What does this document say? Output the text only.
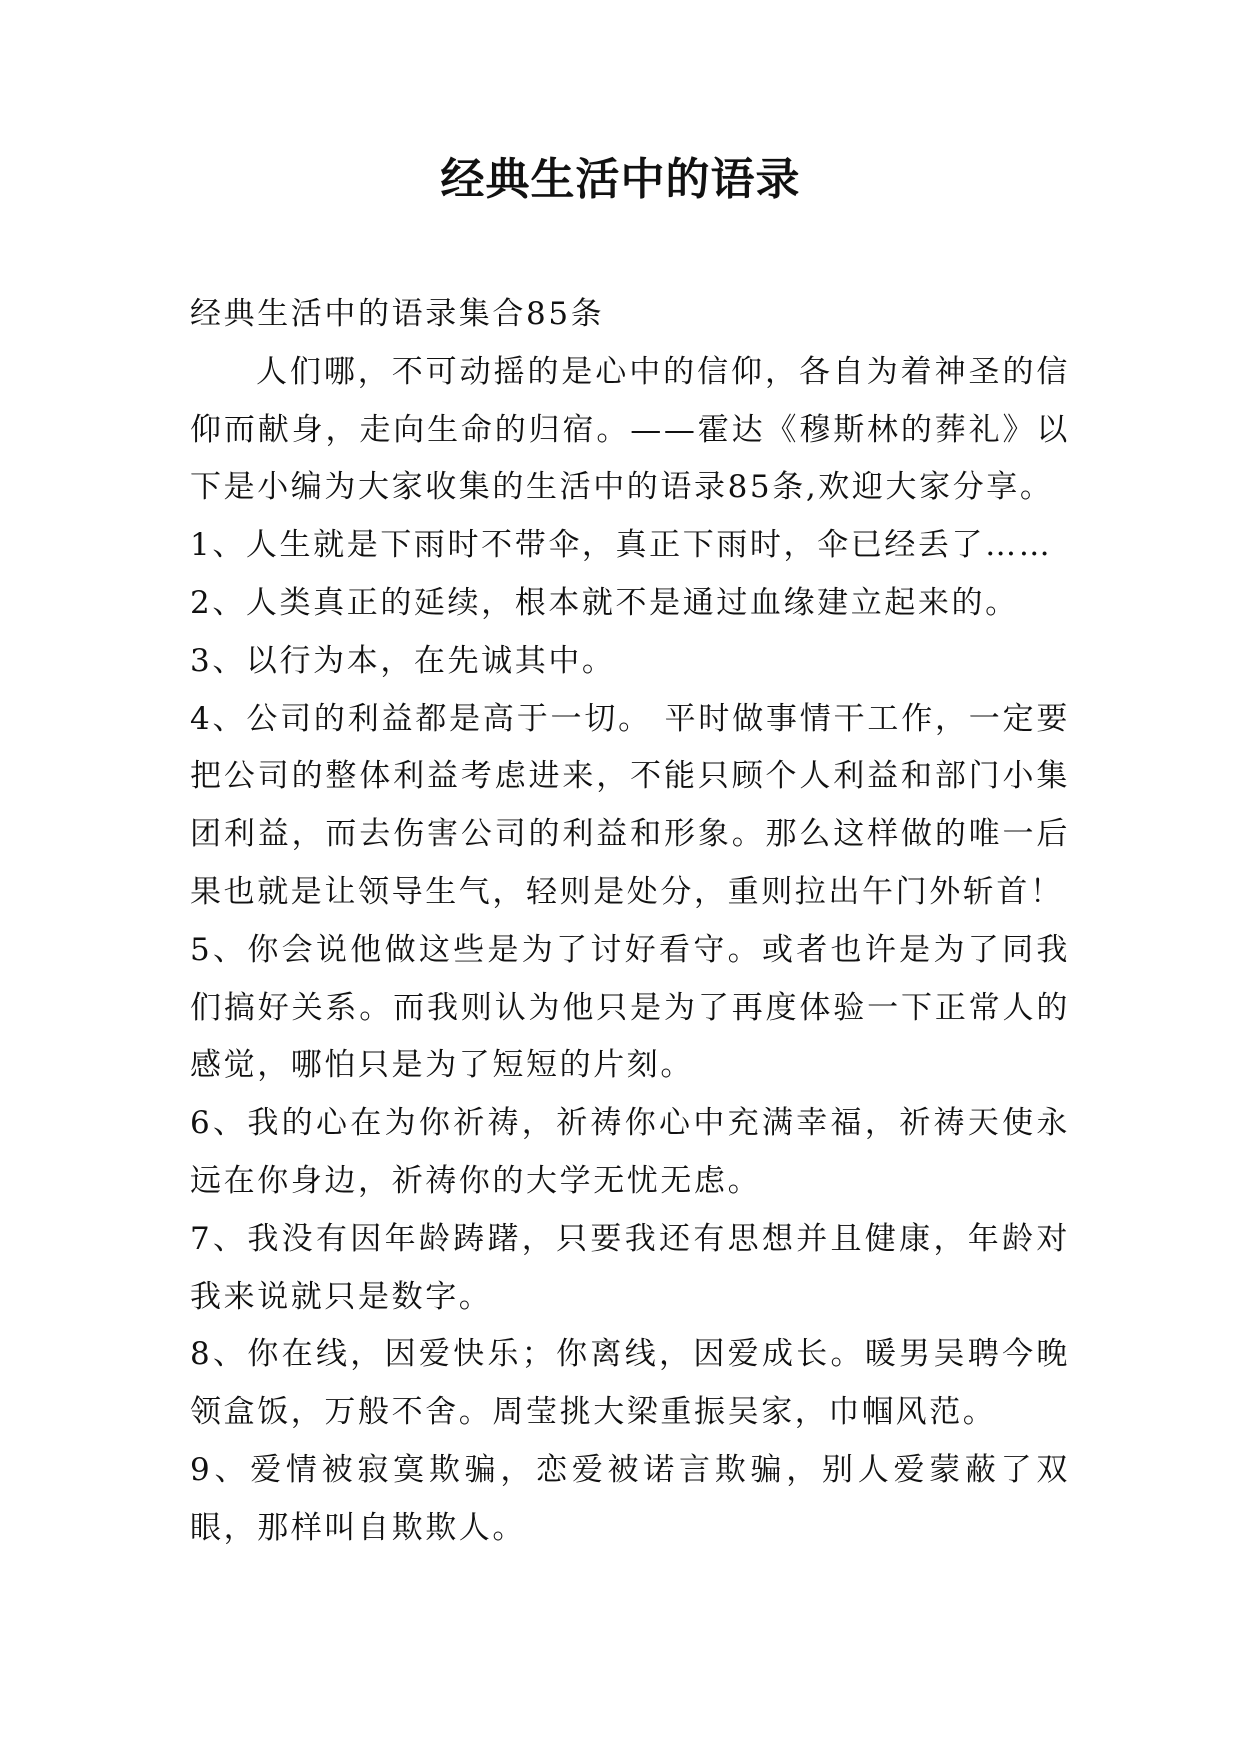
经典生活中的语录

经典生活中的语录集合85条

人们哪，不可动摇的是心中的信仰，各自为着神圣的信仰而献身，走向生命的归宿。——霍达《穆斯林的葬礼》以下是小编为大家收集的生活中的语录85条,欢迎大家分享。

1、人生就是下雨时不带伞，真正下雨时，伞已经丢了……

2、人类真正的延续，根本就不是通过血缘建立起来的。

3、以行为本，在先诚其中。

4、公司的利益都是高于一切。 平时做事情干工作，一定要把公司的整体利益考虑进来，不能只顾个人利益和部门小集团利益，而去伤害公司的利益和形象。那么这样做的唯一后果也就是让领导生气，轻则是处分，重则拉出午门外斩首！

5、你会说他做这些是为了讨好看守。或者也许是为了同我们搞好关系。而我则认为他只是为了再度体验一下正常人的感觉，哪怕只是为了短短的片刻。

6、我的心在为你祈祷，祈祷你心中充满幸福，祈祷天使永远在你身边，祈祷你的大学无忧无虑。

7、我没有因年龄踌躇，只要我还有思想并且健康，年龄对我来说就只是数字。

8、你在线，因爱快乐；你离线，因爱成长。暖男吴聘今晚领盒饭，万般不舍。周莹挑大梁重振吴家，巾帼风范。

9、爱情被寂寞欺骗，恋爱被诺言欺骗，别人爱蒙蔽了双眼，那样叫自欺欺人。
